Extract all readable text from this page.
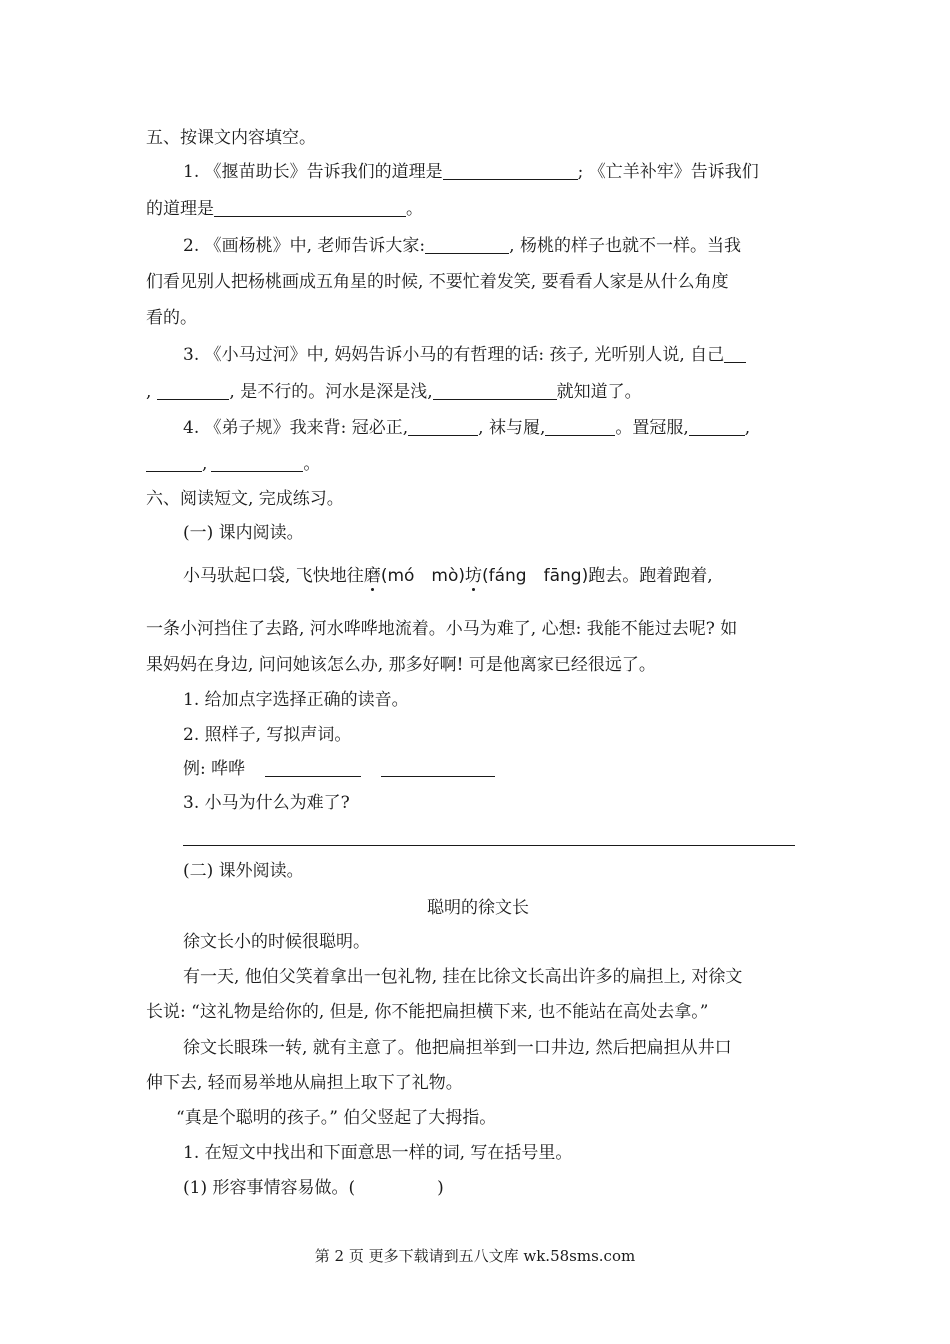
五、按课文内容填空。
1. 《揠苗助长》告诉我们的道理是	; 《亡羊补牢》告诉我们
的道理是	。
2. 《画杨桃》中, 老师告诉大家:	, 杨桃的样子也就不一样。当我
们看见别人把杨桃画成五角星的时候, 不要忙着发笑, 要看看人家是从什么角度
看的。
3. 《小马过河》中, 妈妈告诉小马的有哲理的话: 孩子, 光听别人说, 自己
,	, 是不行的。河水是深是浅,	就知道了。
4. 《弟子规》我来背: 冠必正,	, 袜与履,	。置冠服,	,
,	。
六、阅读短文, 完成练习。
(一) 课内阅读。
小马驮起口袋, 飞快地往磨(mó　mò)坊(fáng　fāng)跑去。跑着跑着,
一条小河挡住了去路, 河水哗哗地流着。小马为难了, 心想: 我能不能过去呢? 如
果妈妈在身边, 问问她该怎么办, 那多好啊! 可是他离家已经很远了。
1. 给加点字选择正确的读音。
2. 照样子, 写拟声词。
例: 哗哗
3. 小马为什么为难了?
(二) 课外阅读。
聪明的徐文长
徐文长小的时候很聪明。
有一天, 他伯父笑着拿出一包礼物, 挂在比徐文长高出许多的扁担上, 对徐文
长说: “这礼物是给你的, 但是, 你不能把扁担横下来, 也不能站在高处去拿。”
徐文长眼珠一转, 就有主意了。他把扁担举到一口井边, 然后把扁担从井口
伸下去, 轻而易举地从扁担上取下了礼物。
“真是个聪明的孩子。” 伯父竖起了大拇指。
1. 在短文中找出和下面意思一样的词, 写在括号里。
(1) 形容事情容易做。(	)
第 2 页 更多下载请到五八文库 wk.58sms.com
